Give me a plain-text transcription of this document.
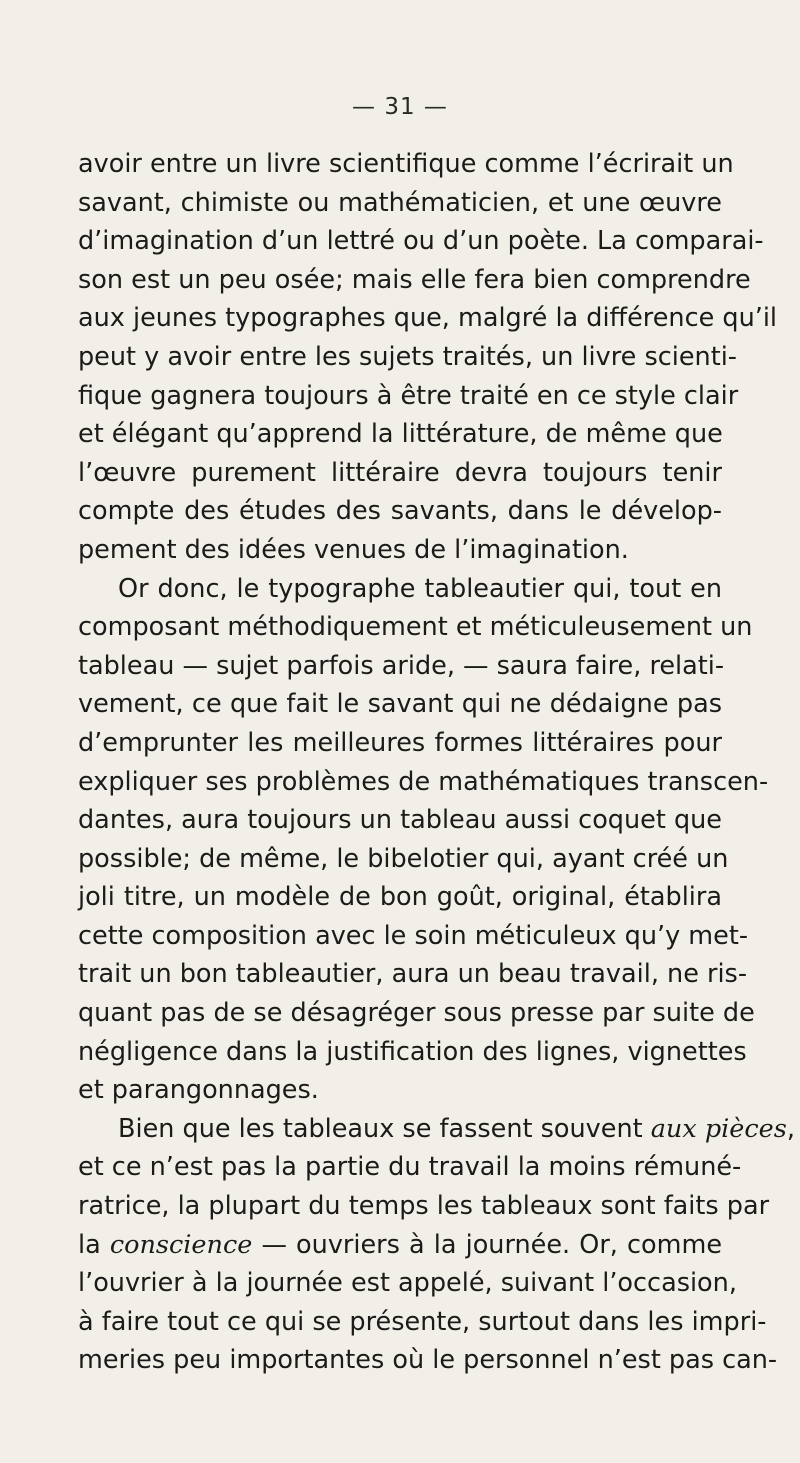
— 31 —
avoir entre un livre scientifique comme l’écrirait un
savant, chimiste ou mathématicien, et une œuvre
d’imagination d’un lettré ou d’un poète. La comparai-
son est un peu osée; mais elle fera bien comprendre
aux jeunes typographes que, malgré la différence qu’il
peut y avoir entre les sujets traités, un livre scienti-
fique gagnera toujours à être traité en ce style clair
et élégant qu’apprend la littérature, de même que
l’œuvre purement littéraire devra toujours tenir
compte des études des savants, dans le dévelop-
pement des idées venues de l’imagination.
Or donc, le typographe tableautier qui, tout en
composant méthodiquement et méticuleusement un
tableau — sujet parfois aride, — saura faire, relati-
vement, ce que fait le savant qui ne dédaigne pas
d’emprunter les meilleures formes littéraires pour
expliquer ses problèmes de mathématiques transcen-
dantes, aura toujours un tableau aussi coquet que
possible; de même, le bibelotier qui, ayant créé un
joli titre, un modèle de bon goût, original, établira
cette composition avec le soin méticuleux qu’y met-
trait un bon tableautier, aura un beau travail, ne ris-
quant pas de se désagréger sous presse par suite de
négligence dans la justification des lignes, vignettes
et parangonnages.
Bien que les tableaux se fassent souvent aux pièces,
et ce n’est pas la partie du travail la moins rémuné-
ratrice, la plupart du temps les tableaux sont faits par
la conscience — ouvriers à la journée. Or, comme
l’ouvrier à la journée est appelé, suivant l’occasion,
à faire tout ce qui se présente, surtout dans les impri-
meries peu importantes où le personnel n’est pas can-
